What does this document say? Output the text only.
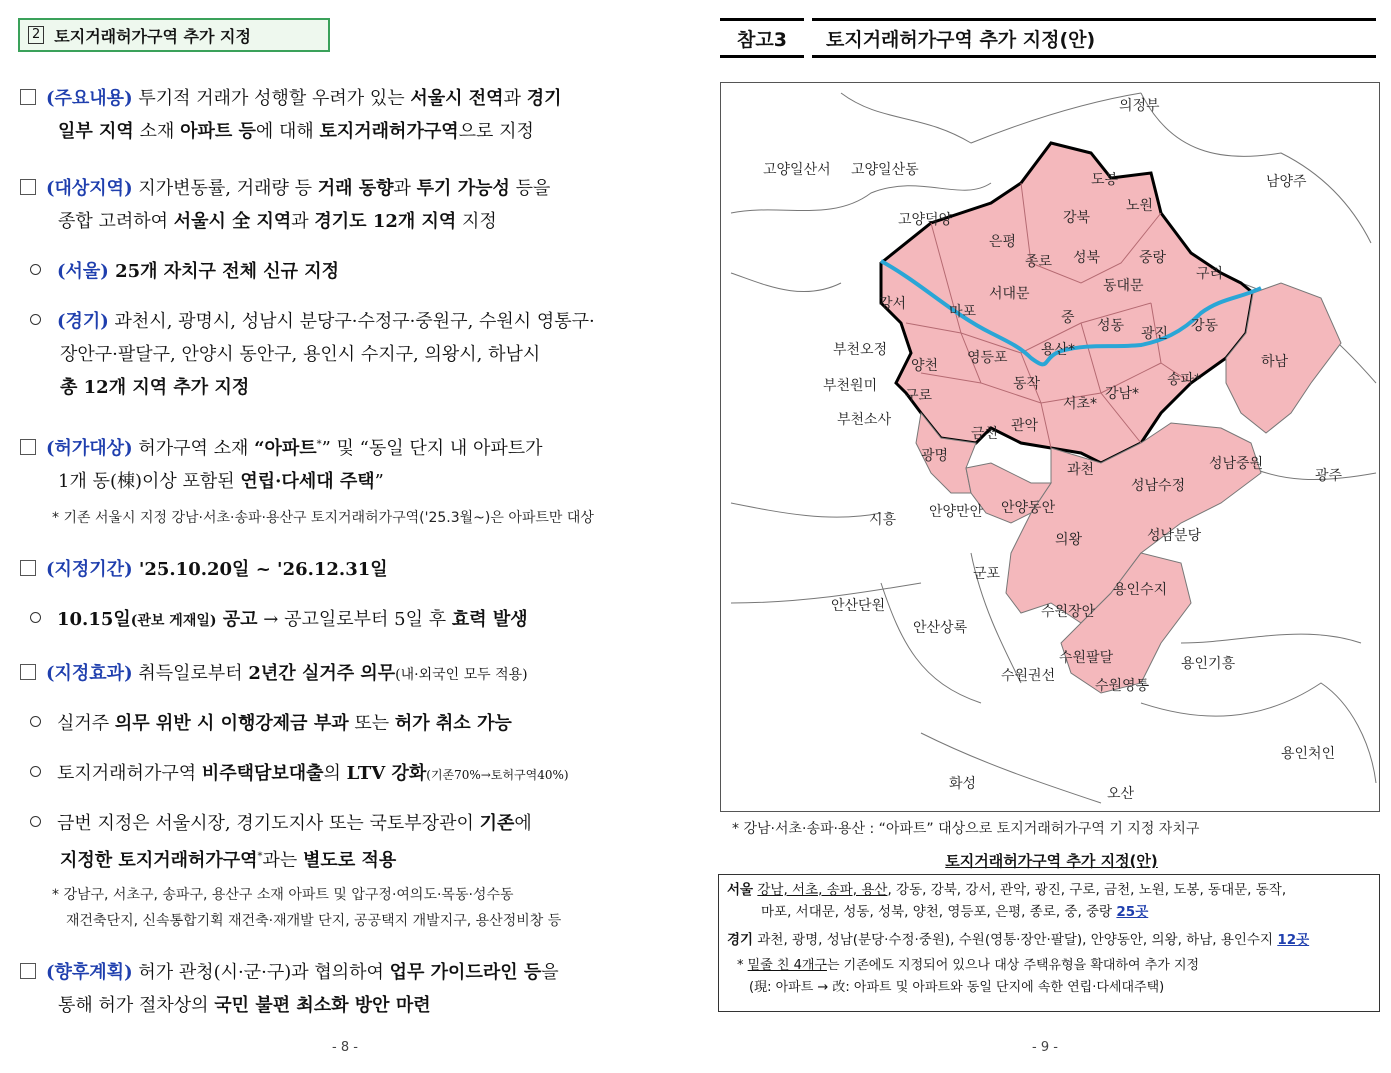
2 토지거래허가구역 추가 지정
(주요내용) 투기적 거래가 성행할 우려가 있는 서울시 전역과 경기

일부 지역 소재 아파트 등에 대해 토지거래허가구역으로 지정
(대상지역) 지가변동률, 거래량 등 거래 동향과 투기 가능성 등을
종합 고려하여 서울시 全 지역과 경기도 12개 지역 지정
(서울) 25개 자치구 전체 신규 지정
(경기) 과천시, 광명시, 성남시 분당구·수정구·중원구, 수원시 영통구·
장안구·팔달구, 안양시 동안구, 용인시 수지구, 의왕시, 하남시
총 12개 지역 추가 지정
(허가대상) 허가구역 소재 “아파트*” 및 “동일 단지 내 아파트가
1개 동(棟)이상 포함된 연립·다세대 주택”
* 기존 서울시 지정 강남·서초·송파·용산구 토지거래허가구역('25.3월~)은 아파트만 대상
(지정기간) '25.10.20일 ~ '26.12.31일
10.15일(관보 게재일) 공고 → 공고일로부터 5일 후 효력 발생
(지정효과) 취득일로부터 2년간 실거주 의무(내·외국인 모두 적용)
실거주 의무 위반 시 이행강제금 부과 또는 허가 취소 가능
토지거래허가구역 비주택담보대출의 LTV 강화(기존70%→토허구역40%)
금번 지정은 서울시장, 경기도지사 또는 국토부장관이 기존에
지정한 토지거래허가구역*과는 별도로 적용
* 강남구, 서초구, 송파구, 용산구 소재 아파트 및 압구정·여의도·목동·성수동
재건축단지, 신속통합기획 재건축·재개발 단지, 공공택지 개발지구, 용산정비창 등
(향후계획) 허가 관청(시·군·구)과 협의하여 업무 가이드라인 등을
통해 허가 절차상의 국민 불편 최소화 방안 마련
- 8 -
참고3	토지거래허가구역 추가 지정(안)
의정부
고양일산서 고양일산동
남양주
도봉
노원
강북
고양덕양
은평
성북	중랑
종로
구리
서대문	동대문
강서	마포	중 성동 광진 강동
부천오정	용산*
하남
양천 영등포
동작	송파*
부천원미
구로	강남*
서초*
부천소사
금천 관악
과천	성남중원
광명
광주
성남수정
시흥 안양만안 안양동안
의왕	성남분당
군포
용인수지
안산단원	수원장안
안산상록
수원팔달	용인기흥
수원권선
수원영통
용인처인
화성
오산
* 강남·서초·송파·용산 : “아파트” 대상으로 토지거래허가구역 기 지정 자치구
토지거래허가구역 추가 지정(안)
서울 강남, 서초, 송파, 용산, 강동, 강북, 강서, 관악, 광진, 구로, 금천, 노원, 도봉, 동대문, 동작,
마포, 서대문, 성동, 성북, 양천, 영등포, 은평, 종로, 중, 중랑 25곳
경기 과천, 광명, 성남(분당·수정·중원), 수원(영통·장안·팔달), 안양동안, 의왕, 하남, 용인수지 12곳
* 밑줄 친 4개구는 기존에도 지정되어 있으나 대상 주택유형을 확대하여 추가 지정
(現: 아파트 → 改: 아파트 및 아파트와 동일 단지에 속한 연립·다세대주택)
- 9 -
